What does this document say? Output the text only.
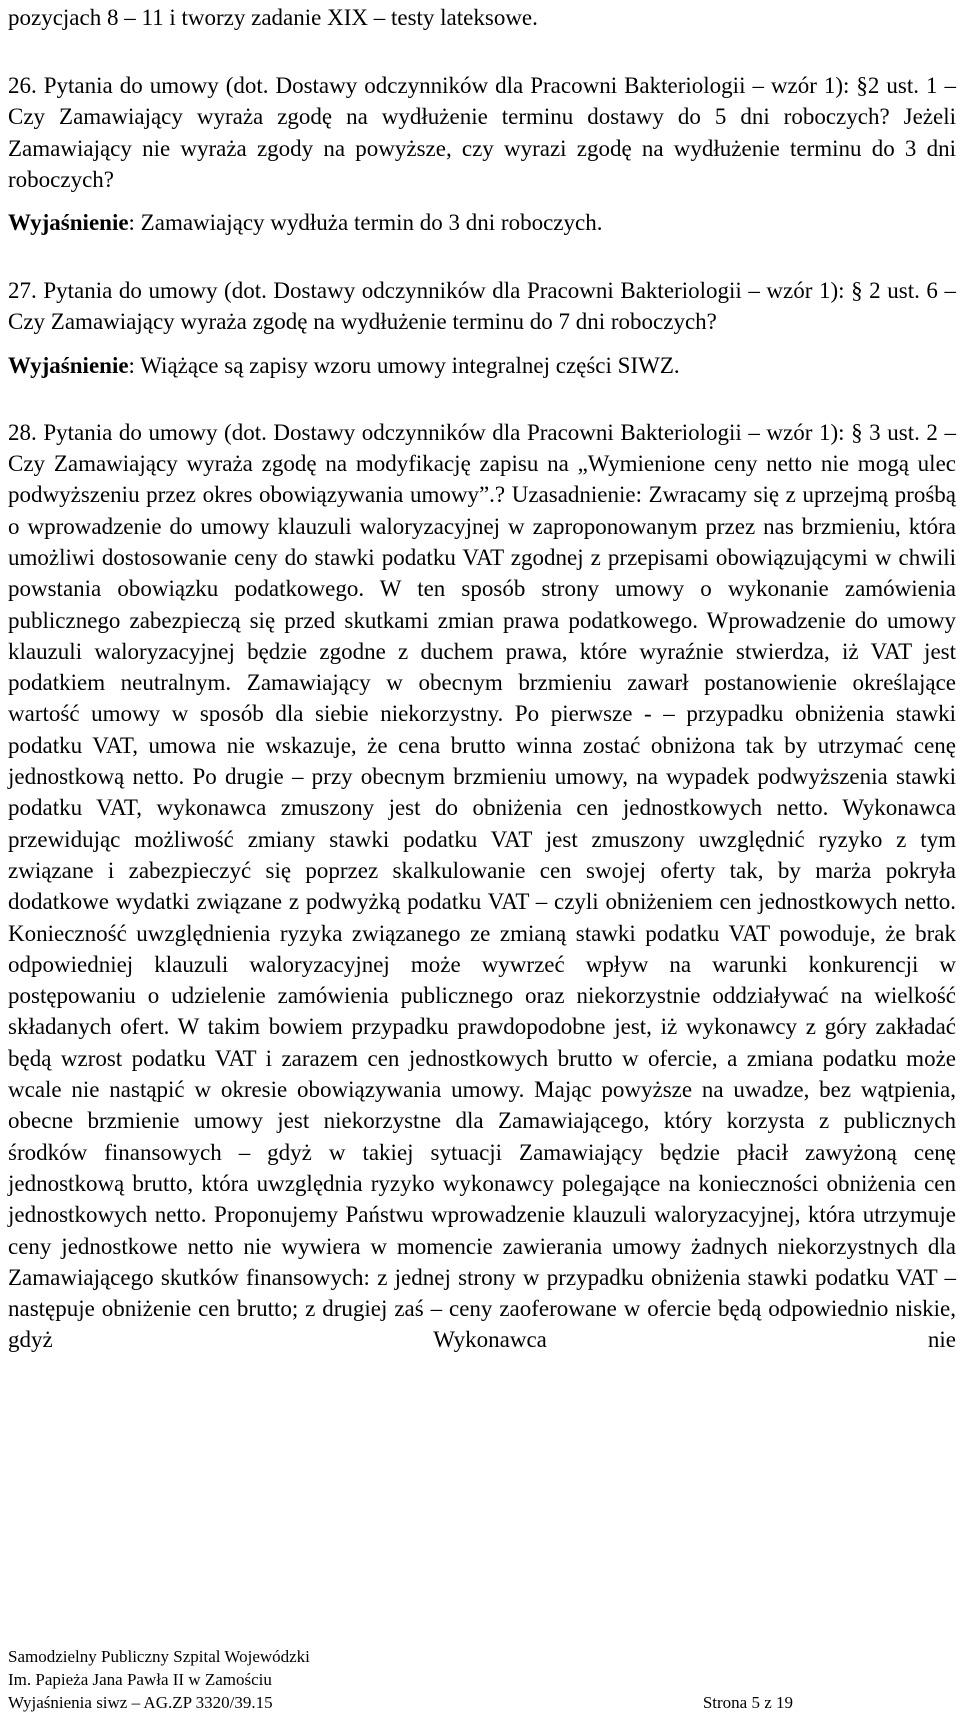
pozycjach 8 – 11 i tworzy zadanie XIX – testy lateksowe.

26. Pytania do umowy (dot. Dostawy odczynników dla Pracowni Bakteriologii – wzór 1): §2 ust. 1 – Czy Zamawiający wyraża zgodę na wydłużenie terminu dostawy do 5 dni roboczych? Jeżeli Zamawiający nie wyraża zgody na powyższe, czy wyrazi zgodę na wydłużenie terminu do 3 dni roboczych?

Wyjaśnienie: Zamawiający wydłuża termin do 3 dni roboczych.

27. Pytania do umowy (dot. Dostawy odczynników dla Pracowni Bakteriologii – wzór 1): § 2 ust. 6 – Czy Zamawiający wyraża zgodę na wydłużenie terminu do 7 dni roboczych?

Wyjaśnienie: Wiążące są zapisy wzoru umowy integralnej części SIWZ.

28. Pytania do umowy (dot. Dostawy odczynników dla Pracowni Bakteriologii – wzór 1): § 3 ust. 2 – Czy Zamawiający wyraża zgodę na modyfikację zapisu na „Wymienione ceny netto nie mogą ulec podwyższeniu przez okres obowiązywania umowy”.? Uzasadnienie: Zwracamy się z uprzejmą prośbą o wprowadzenie do umowy klauzuli waloryzacyjnej w zaproponowanym przez nas brzmieniu, która umożliwi dostosowanie ceny do stawki podatku VAT zgodnej z przepisami obowiązującymi w chwili powstania obowiązku podatkowego. W ten sposób strony umowy o wykonanie zamówienia publicznego zabezpieczą się przed skutkami zmian prawa podatkowego. Wprowadzenie do umowy klauzuli waloryzacyjnej będzie zgodne z duchem prawa, które wyraźnie stwierdza, iż VAT jest podatkiem neutralnym. Zamawiający w obecnym brzmieniu zawarł postanowienie określające wartość umowy w sposób dla siebie niekorzystny. Po pierwsze - – przypadku obniżenia stawki podatku VAT, umowa nie wskazuje, że cena brutto winna zostać obniżona tak by utrzymać cenę jednostkową netto. Po drugie – przy obecnym brzmieniu umowy, na wypadek podwyższenia stawki podatku VAT, wykonawca zmuszony jest do obniżenia cen jednostkowych netto. Wykonawca przewidując możliwość zmiany stawki podatku VAT jest zmuszony uwzględnić ryzyko z tym związane i zabezpieczyć się poprzez skalkulowanie cen swojej oferty tak, by marża pokryła dodatkowe wydatki związane z podwyżką podatku VAT – czyli obniżeniem cen jednostkowych netto. Konieczność uwzględnienia ryzyka związanego ze zmianą stawki podatku VAT powoduje, że brak odpowiedniej klauzuli waloryzacyjnej może wywrzeć wpływ na warunki konkurencji w postępowaniu o udzielenie zamówienia publicznego oraz niekorzystnie oddziaływać na wielkość składanych ofert. W takim bowiem przypadku prawdopodobne jest, iż wykonawcy z góry zakładać będą wzrost podatku VAT i zarazem cen jednostkowych brutto w ofercie, a zmiana podatku może wcale nie nastąpić w okresie obowiązywania umowy. Mając powyższe na uwadze, bez wątpienia, obecne brzmienie umowy jest niekorzystne dla Zamawiającego, który korzysta z publicznych środków finansowych – gdyż w takiej sytuacji Zamawiający będzie płacił zawyżoną cenę jednostkową brutto, która uwzględnia ryzyko wykonawcy polegające na konieczności obniżenia cen jednostkowych netto. Proponujemy Państwu wprowadzenie klauzuli waloryzacyjnej, która utrzymuje ceny jednostkowe netto nie wywiera w momencie zawierania umowy żadnych niekorzystnych dla Zamawiającego skutków finansowych: z jednej strony w przypadku obniżenia stawki podatku VAT – następuje obniżenie cen brutto; z drugiej zaś – ceny zaoferowane w ofercie będą odpowiednio niskie, gdyż Wykonawca nie

Samodzielny Publiczny Szpital Wojewódzki
Im. Papieża Jana Pawła II w Zamościu
Wyjaśnienia siwz – AG.ZP 3320/39.15	Strona 5 z 19
